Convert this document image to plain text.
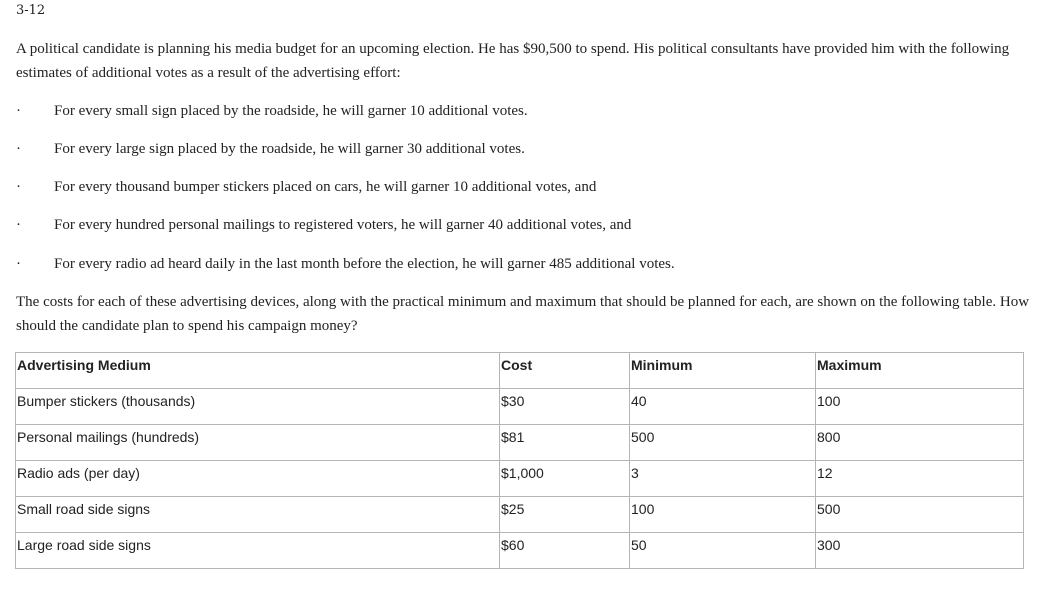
3-12

A political candidate is planning his media budget for an upcoming election. He has $90,500 to spend. His political consultants have provided him with the following estimates of additional votes as a result of the advertising effort:

· For every small sign placed by the roadside, he will garner 10 additional votes.
· For every large sign placed by the roadside, he will garner 30 additional votes.
· For every thousand bumper stickers placed on cars, he will garner 10 additional votes, and
· For every hundred personal mailings to registered voters, he will garner 40 additional votes, and
· For every radio ad heard daily in the last month before the election, he will garner 485 additional votes.

The costs for each of these advertising devices, along with the practical minimum and maximum that should be planned for each, are shown on the following table. How should the candidate plan to spend his campaign money?

Advertising Medium	Cost	Minimum	Maximum
Bumper stickers (thousands)	$30	40	100
Personal mailings (hundreds)	$81	500	800
Radio ads (per day)	$1,000	3	12
Small road side signs	$25	100	500
Large road side signs	$60	50	300
